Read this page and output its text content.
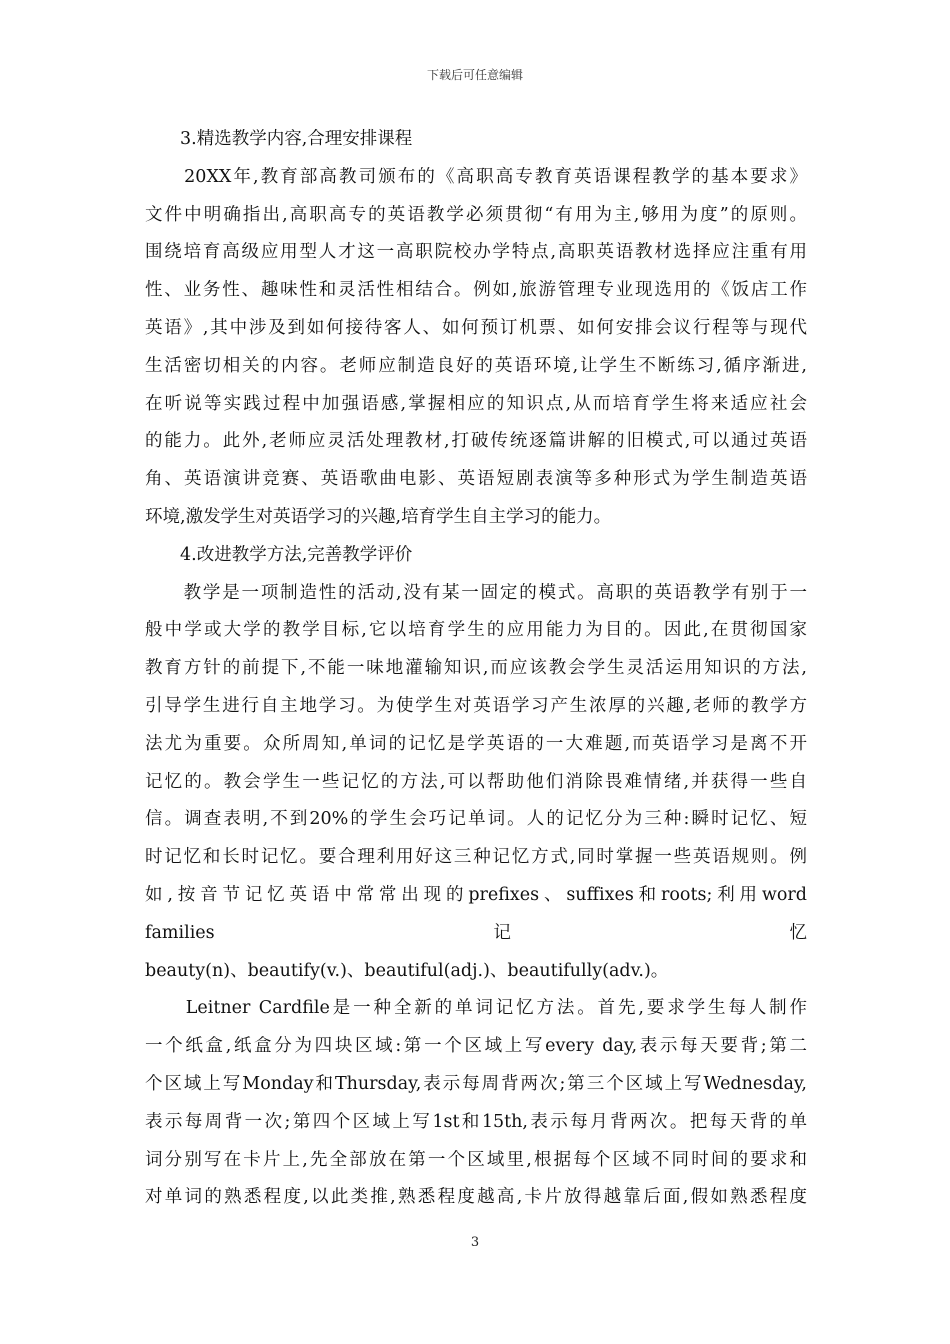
下载后可任意编辑
　　3.精选教学内容,合理安排课程
　　20XX年,教育部高教司颁布的《高职高专教育英语课程教学的基本要求》
文件中明确指出,高职高专的英语教学必须贯彻“有用为主,够用为度”的原则。
围绕培育高级应用型人才这一高职院校办学特点,高职英语教材选择应注重有用
性、业务性、趣味性和灵活性相结合。例如,旅游管理专业现选用的《饭店工作
英语》,其中涉及到如何接待客人、如何预订机票、如何安排会议行程等与现代
生活密切相关的内容。老师应制造良好的英语环境,让学生不断练习,循序渐进,
在听说等实践过程中加强语感,掌握相应的知识点,从而培育学生将来适应社会
的能力。此外,老师应灵活处理教材,打破传统逐篇讲解的旧模式,可以通过英语
角、英语演讲竞赛、英语歌曲电影、英语短剧表演等多种形式为学生制造英语
环境,激发学生对英语学习的兴趣,培育学生自主学习的能力。
　　4.改进教学方法,完善教学评价
　　教学是一项制造性的活动,没有某一固定的模式。高职的英语教学有别于一
般中学或大学的教学目标,它以培育学生的应用能力为目的。因此,在贯彻国家
教育方针的前提下,不能一味地灌输知识,而应该教会学生灵活运用知识的方法,
引导学生进行自主地学习。为使学生对英语学习产生浓厚的兴趣,老师的教学方
法尤为重要。众所周知,单词的记忆是学英语的一大难题,而英语学习是离不开
记忆的。教会学生一些记忆的方法,可以帮助他们消除畏难情绪,并获得一些自
信。调查表明,不到20%的学生会巧记单词。人的记忆分为三种:瞬时记忆、短
时记忆和长时记忆。要合理利用好这三种记忆方式,同时掌握一些英语规则。例
如,按音节记忆英语中常常出现的prefixes、suffixes和roots;利用word
families	记	忆
beauty(n)、beautify(v.)、beautiful(adj.)、beautifully(adv.)。
　　Leitner Cardfile是一种全新的单词记忆方法。首先,要求学生每人制作
一个纸盒,纸盒分为四块区域:第一个区域上写every day,表示每天要背;第二
个区域上写Monday和Thursday,表示每周背两次;第三个区域上写Wednesday,
表示每周背一次;第四个区域上写1st和15th,表示每月背两次。把每天背的单
词分别写在卡片上,先全部放在第一个区域里,根据每个区域不同时间的要求和
对单词的熟悉程度,以此类推,熟悉程度越高,卡片放得越靠后面,假如熟悉程度
3
